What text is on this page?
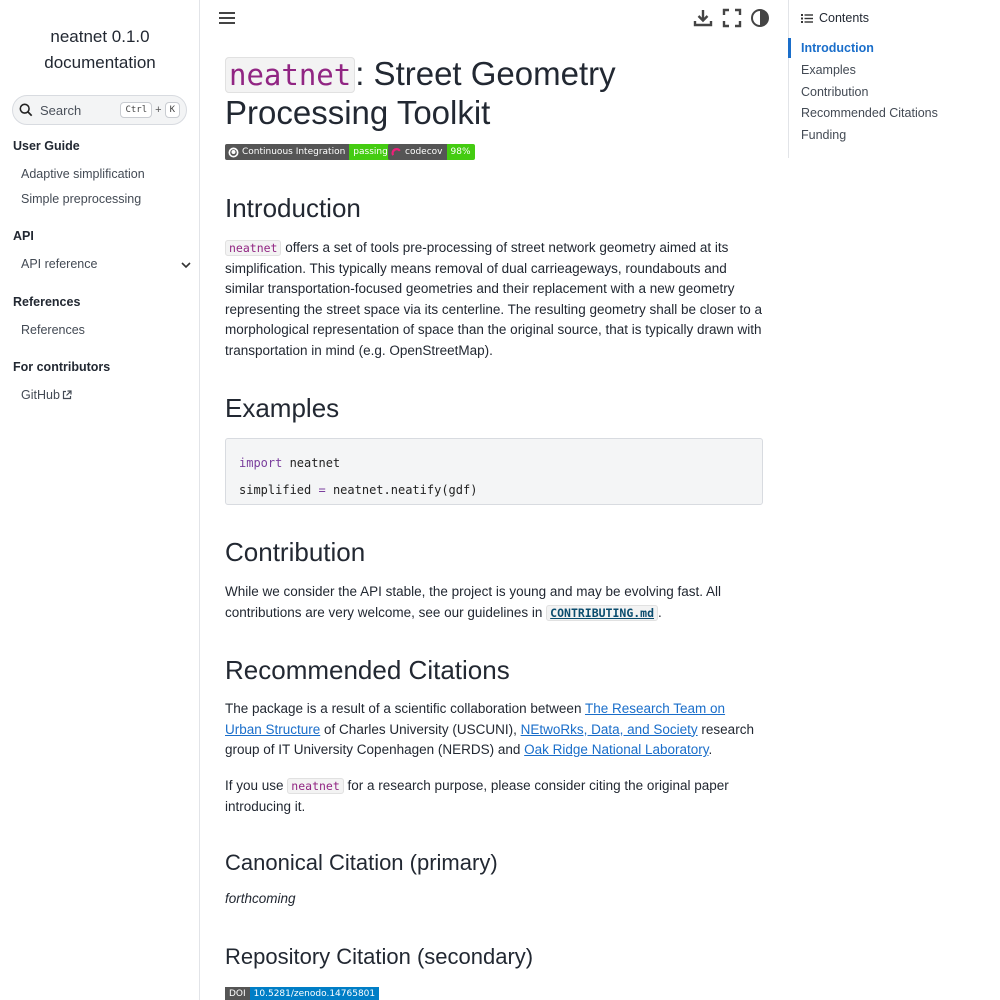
neatnet 0.1.0
documentation
Search	Ctrl + K
User Guide
Adaptive simplification
Simple preprocessing
API
API reference
References
References
For contributors
GitHub
neatnet : Street Geometry Processing Toolkit
Continuous Integration passing	codecov 98%
Introduction

neatnet offers a set of tools pre-processing of street network geometry aimed at its simplification. This typically means removal of dual carrieageways, roundabouts and similar transportation-focused geometries and their replacement with a new geometry representing the street space via its centerline. The resulting geometry shall be closer to a morphological representation of space than the original source, that is typically drawn with transportation in mind (e.g. OpenStreetMap).

Examples
import neatnet
simplified = neatnet.neatify(gdf)
Contribution

While we consider the API stable, the project is young and may be evolving fast. All contributions are very welcome, see our guidelines in CONTRIBUTING.md .

Recommended Citations

The package is a result of a scientific collaboration between The Research Team on Urban Structure of Charles University (USCUNI), NEtwoRks, Data, and Society research group of IT University Copenhagen (NERDS) and Oak Ridge National Laboratory.

If you use neatnet for a research purpose, please consider citing the original paper introducing it.

Canonical Citation (primary)
forthcoming
Repository Citation (secondary)
DOI 10.5281/zenodo.14765801
Contents
Introduction
Examples
Contribution
Recommended Citations
Funding
